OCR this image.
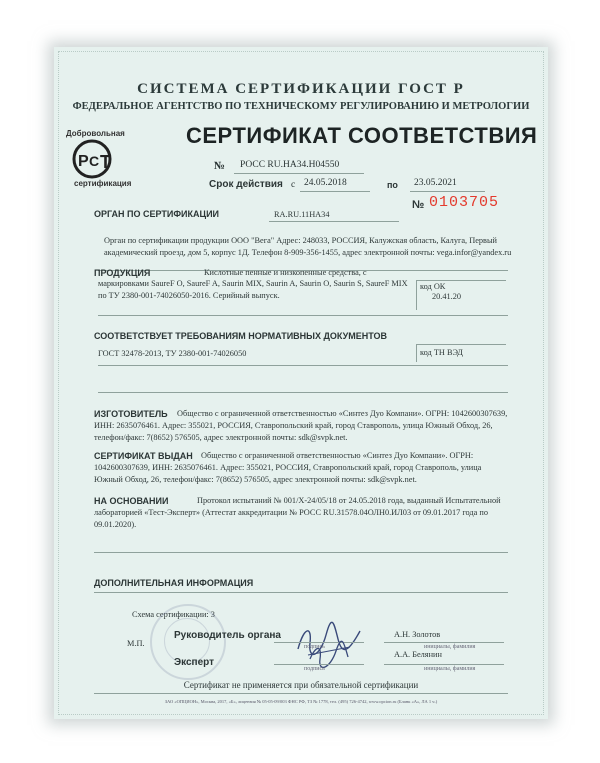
СИСТЕМА СЕРТИФИКАЦИИ ГОСТ Р
ФЕДЕРАЛЬНОЕ АГЕНТСТВО ПО ТЕХНИЧЕСКОМУ РЕГУЛИРОВАНИЮ И МЕТРОЛОГИИ
Добровольная
Р С Т
сертификация
СЕРТИФИКАТ СООТВЕТСТВИЯ
№ РОСС RU.HA34.H04550
Срок действия с 24.05.2018	по 23.05.2021
№ 0103705
ОРГАН ПО СЕРТИФИКАЦИИ	RA.RU.11НА34
Орган по сертификации продукции ООО "Вега" Адрес: 248033, РОССИЯ, Калужская область, Калуга, Первый академический проезд, дом 5, корпус 1Д. Телефон 8-909-356-1455, адрес электронной почты: vega.infor@yandex.ru
ПРОДУКЦИЯ	Кислотные пенные и низкопенные средства, с
маркировками SaureF O, SaureF A, Saurin MIX, Saurin A, Saurin O, Saurin S, SaureF MIX по ТУ 2380-001-74026050-2016. Серийный выпуск.
код ОК
20.41.20
СООТВЕТСТВУЕТ ТРЕБОВАНИЯМ НОРМАТИВНЫХ ДОКУМЕНТОВ
ГОСТ 32478-2013, ТУ 2380-001-74026050	код ТН ВЭД
ИЗГОТОВИТЕЛЬ Общество с ограниченной ответственностью «Синтез Дуо Компани». ОГРН: 1042600307639,
ИНН: 2635076461. Адрес: 355021, РОССИЯ, Ставропольский край, город Ставрополь, улица Южный Обход, 26, телефон/факс: 7(8652) 576505, адрес электронной почты: sdk@svpk.net.
СЕРТИФИКАТ ВЫДАН Общество с ограниченной ответственностью «Синтез Дуо Компани». ОГРН:
1042600307639, ИНН: 2635076461. Адрес: 355021, РОССИЯ, Ставропольский край, город Ставрополь, улица Южный Обход, 26, телефон/факс: 7(8652) 576505, адрес электронной почты: sdk@svpk.net.
НА ОСНОВАНИИ	Протокол испытаний № 001/Х-24/05/18 от 24.05.2018 года, выданный Испытательной
лабораторией «Тест-Эксперт» (Аттестат аккредитации № РОСС RU.31578.04ОЛН0.ИЛ03 от 09.01.2017 года по 09.01.2020).
ДОПОЛНИТЕЛЬНАЯ ИНФОРМАЦИЯ
Схема сертификации: 3
Руководитель органа
М.П.
А.Н. Золотов
подпись	инициалы, фамилия
Эксперт
А.А. Белянин
подпись	инициалы, фамилия
Сертификат не применяется при обязательной сертификации
ЗАО «ОПЦИОН», Москва, 2017, «Б», лицензия № 05-05-09/003 ФНС РФ, ТЗ № 1778, тел. (495) 726-4742, www.opcion.ru (Бланк «А», ЛА 1 ч.)
